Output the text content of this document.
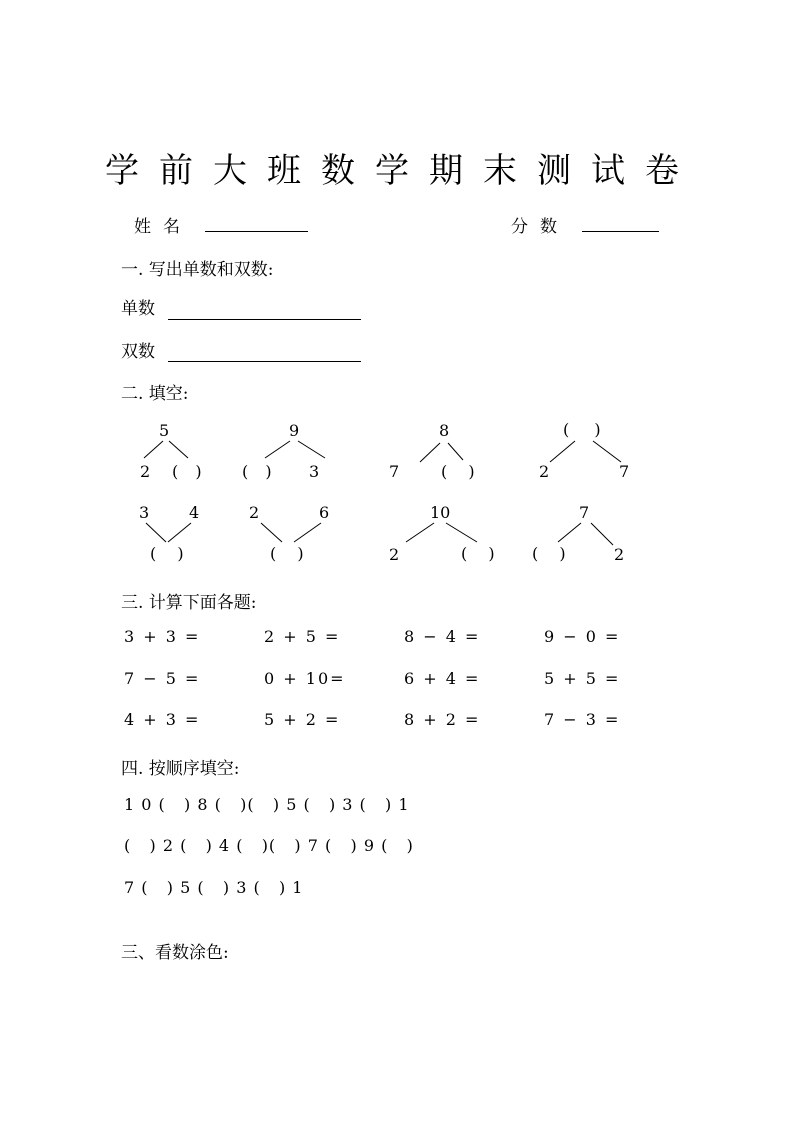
学前大班数学期末测试卷
姓名	分数
一. 写出单数和双数:
单数
双数
二. 填空:
5
2 ( )
9
( ) 3
8
7	( )
( )
2	7
3 4
( )
2	6
( )
10
2	( )
7
( )	2
三. 计算下面各题:
3 + 3 =	2 + 5 =	8 − 4 =	9 − 0 =
7 − 5 =	0 + 10=	6 + 4 =	5 + 5 =
4 + 3 =	5 + 2 =	8 + 2 =	7 − 3 =
四. 按顺序填空:
1 0 (   ) 8 (   )(   ) 5 (   ) 3 (   ) 1
(   ) 2 (   ) 4 (   )(   ) 7 (   ) 9 (   )
7 (   ) 5 (   ) 3 (   ) 1
三、看数涂色:
